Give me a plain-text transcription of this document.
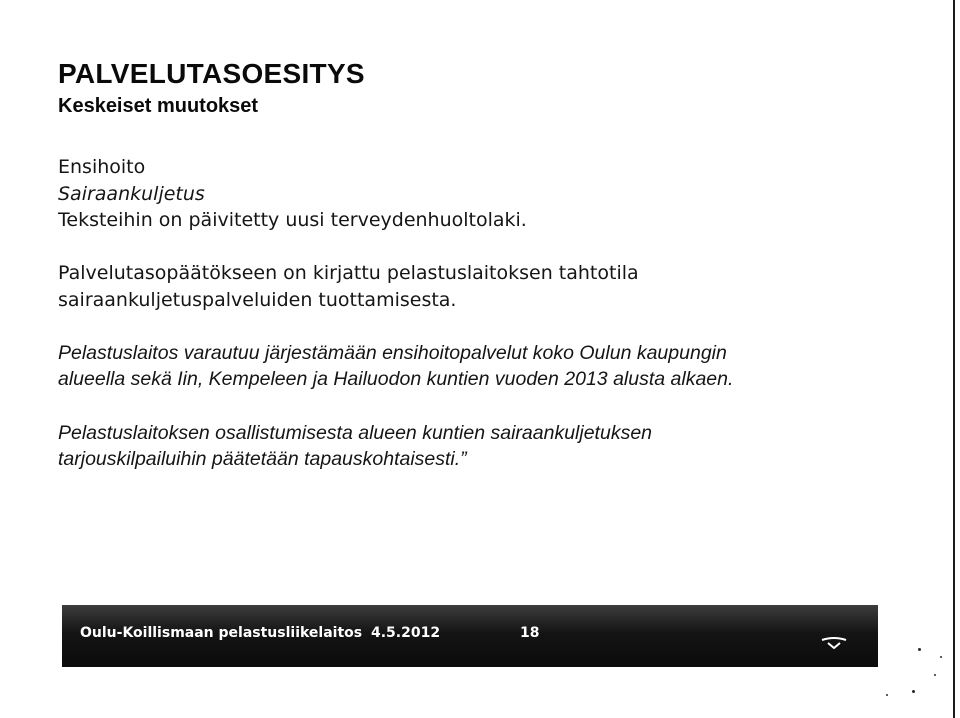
PALVELUTASOESITYS
Keskeiset muutokset

Ensihoito

Sairaankuljetus

Teksteihin on päivitetty uusi terveydenhuoltolaki.

Palvelutasopäätökseen on kirjattu pelastuslaitoksen tahtotila

sairaankuljetuspalveluiden tuottamisesta.

Pelastuslaitos varautuu järjestämään ensihoitopalvelut koko Oulun kaupungin

alueella sekä Iin, Kempeleen ja Hailuodon kuntien vuoden 2013 alusta alkaen.

Pelastuslaitoksen osallistumisesta alueen kuntien sairaankuljetuksen

tarjouskilpailuihin päätetään tapauskohtaisesti.”

Oulu-Koillismaan pelastusliikelaitos 4.5.2012	18
